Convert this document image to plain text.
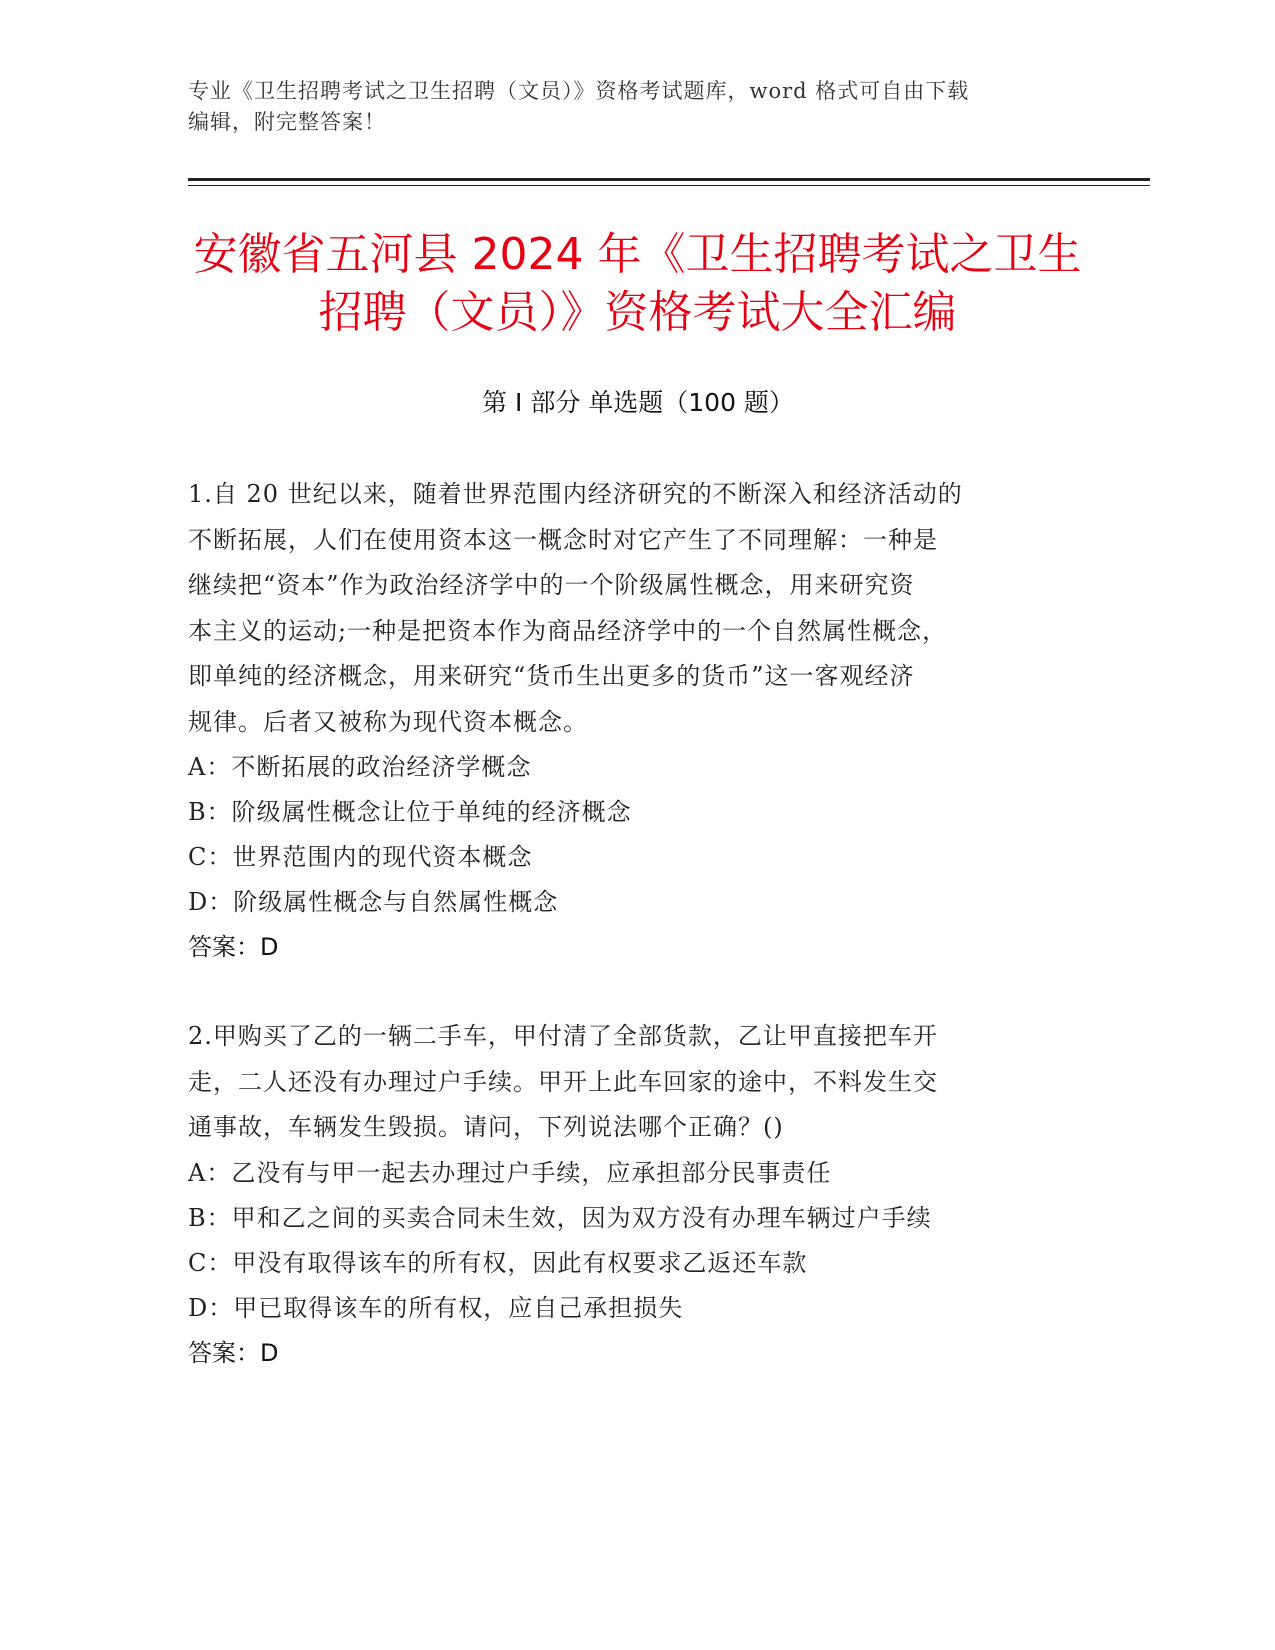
专业《卫生招聘考试之卫生招聘（文员）》资格考试题库，word 格式可自由下载
编辑，附完整答案！
安徽省五河县 2024 年《卫生招聘考试之卫生
招聘（文员）》资格考试大全汇编
第 I 部分 单选题（100 题）
1.自 20 世纪以来，随着世界范围内经济研究的不断深入和经济活动的
不断拓展，人们在使用资本这一概念时对它产生了不同理解：一种是
继续把“资本”作为政治经济学中的一个阶级属性概念，用来研究资
本主义的运动;一种是把资本作为商品经济学中的一个自然属性概念，
即单纯的经济概念，用来研究“货币生出更多的货币”这一客观经济
规律。后者又被称为现代资本概念。
A：不断拓展的政治经济学概念
B：阶级属性概念让位于单纯的经济概念
C：世界范围内的现代资本概念
D：阶级属性概念与自然属性概念
答案：D
2.甲购买了乙的一辆二手车，甲付清了全部货款，乙让甲直接把车开
走，二人还没有办理过户手续。甲开上此车回家的途中，不料发生交
通事故，车辆发生毁损。请问，下列说法哪个正确？()
A：乙没有与甲一起去办理过户手续，应承担部分民事责任
B：甲和乙之间的买卖合同未生效，因为双方没有办理车辆过户手续
C：甲没有取得该车的所有权，因此有权要求乙返还车款
D：甲已取得该车的所有权，应自己承担损失
答案：D
